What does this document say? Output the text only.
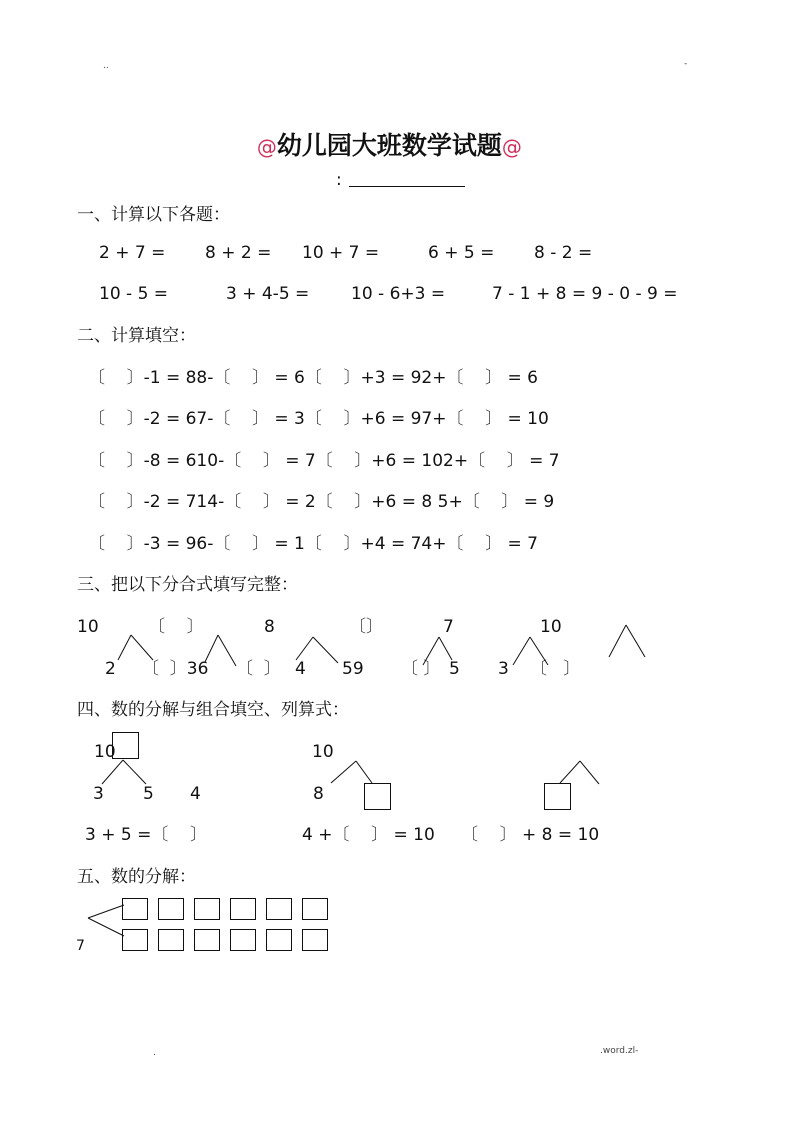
..	-

@幼儿园大班数学试题@

:
一、计算以下各题：
2 + 7 = 8 + 2 = 10 + 7 =	6 + 5 = 8 - 2 =
10 - 5 =	3 + 4-5 = 10 - 6+3 =	7 - 1 + 8 = 9 - 0 - 9 =
二、计算填空：
〔    〕-1 = 88-〔    〕 = 6〔    〕+3 = 92+〔    〕 = 6
〔    〕-2 = 67-〔    〕 = 3〔    〕+6 = 97+〔    〕 = 10
〔    〕-8 = 610-〔    〕 = 7〔    〕+6 = 102+〔    〕 = 7
〔    〕-2 = 714-〔    〕 = 2〔    〕+6 = 8 5+〔    〕 = 9
〔    〕-3 = 96-〔    〕 = 1〔    〕+4 = 74+〔    〕 = 7
三、把以下分合式填写完整：
10	〔    〕	8	〔〕	7	10
2 〔  〕36 〔  〕 4 59 〔 〕 5 3 〔   〕
四、数的分解与组合填空、列算式：
10
3 5 4
10
8
3 + 5 =〔    〕	4 +〔    〕 = 10 〔    〕 + 8 = 10
五、数的分解：
7
.	.word.zl-
